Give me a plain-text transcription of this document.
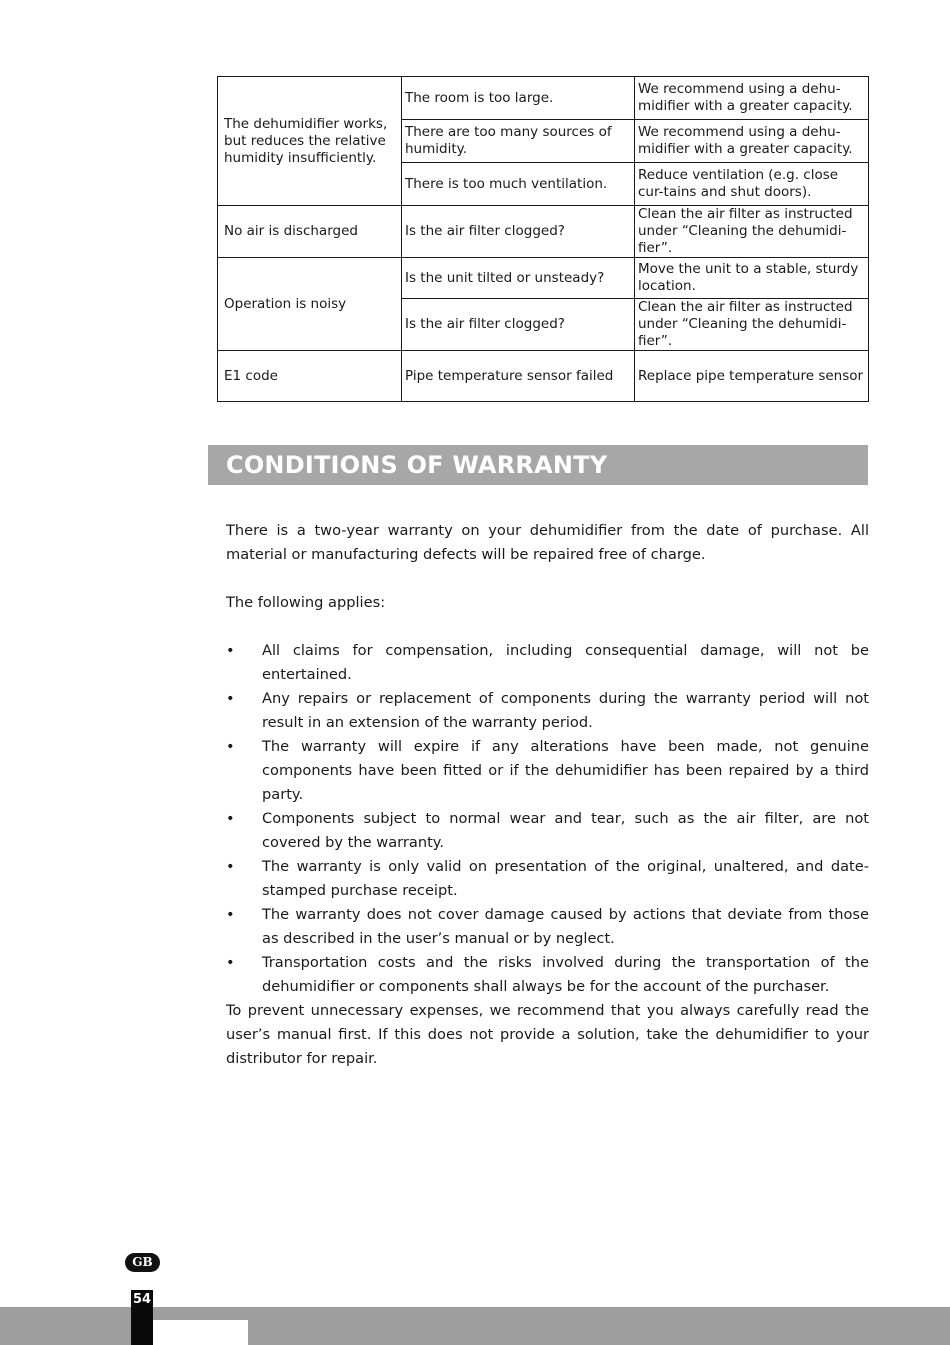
The dehumidifier works, but reduces the relative humidity insufficiently.	The room is too large.	We recommend using a dehu-midifier with a greater capacity.
	There are too many sources of humidity.	We recommend using a dehu-midifier with a greater capacity.
	There is too much ventilation.	Reduce ventilation (e.g. close cur-tains and shut doors).
No air is discharged	Is the air filter clogged?	Clean the air filter as instructed under “Cleaning the dehumidi-fier”.
Operation is noisy	Is the unit tilted or unsteady?	Move the unit to a stable, sturdy location.
	Is the air filter clogged?	Clean the air filter as instructed under “Cleaning the dehumidi-fier”.
E1 code	Pipe temperature sensor failed	Replace pipe temperature sensor
CONDITIONS OF WARRANTY

There is a two-year warranty on your dehumidifier from the date of purchase. All material or manufacturing defects will be repaired free of charge.

The following applies:

• All claims for compensation, including consequential damage, will not be entertained.
• Any repairs or replacement of components during the warranty period will not result in an extension of the warranty period.
• The warranty will expire if any alterations have been made, not genuine components have been fitted or if the dehumidifier has been repaired by a third party.
• Components subject to normal wear and tear, such as the air filter, are not covered by the warranty.
• The warranty is only valid on presentation of the original, unaltered, and date-stamped purchase receipt.
• The warranty does not cover damage caused by actions that deviate from those as described in the user’s manual or by neglect.
• Transportation costs and the risks involved during the transportation of the dehumidifier or components shall always be for the account of the purchaser.

To prevent unnecessary expenses, we recommend that you always carefully read the user’s manual first. If this does not provide a solution, take the dehumidifier to your distributor for repair.

GB
54
